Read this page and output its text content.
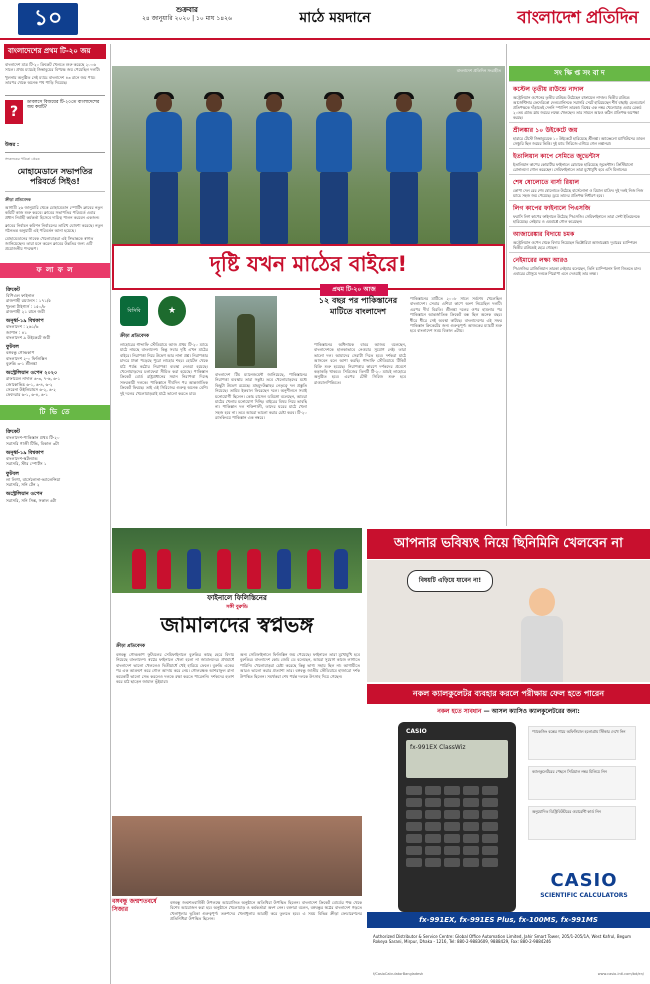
১০	শুক্রবার
২৪ জানুয়ারি ২০২০ | ১০ মাঘ ১৪২৬	মাঠে ময়দানে	বাংলাদেশ প্রতিদিন
বাংলাদেশের প্রথম টি-২০ জয়

বাংলাদেশ মাত্র টি-২০ ক্রিকেট খেলতে শুরু করেছে ২০০৬ সালে। প্রথম ম্যাচেই জিম্বাবুয়ের বিপক্ষে জয় পেয়েছিল দলটি।

খুলনায় অনুষ্ঠিত সেই ম্যাচে বাংলাদেশ ৪৩ রানে জয় পায়। তারপর থেকে অনেক পথ পাড়ি দিয়েছে।

?
ডাবলসে বিজয়ের টি-২০তে বাংলাদেশের জয় কয়টি?
উত্তর :
সংকলকের পত্রিকা প্রেরক
মোহামেডানে সভাপতির পরিবর্তে সিইও!

ক্রীড়া প্রতিবেদক

আগামী ২৬ জানুয়ারি থেকে মোহামেডান স্পোর্টিং ক্লাবের নতুন কমিটি কাজ শুরু করবে। ক্লাবের সভাপতির পরিবর্তে এবার প্রধান নির্বাহী কর্মকর্তা হিসেবে দায়িত্ব পালন করবেন একজন।

ক্লাবের নির্বাচন কমিশন নির্বাচনের তারিখ ঘোষণা করেছে। নতুন গঠনতন্ত্র অনুযায়ী এই পরিবর্তন আনা হয়েছে।

মোহামেডানের সাবেক খেলোয়াড়রা এই সিদ্ধান্তকে স্বাগত জানিয়েছেন। তারা মনে করেন ক্লাবের উন্নতির জন্য এটি প্রয়োজনীয় পদক্ষেপ।

ফ লা ফ ল
ক্রিকেট
বিপিএল ফাইনাল
রাজশাহী রয়্যালস : ১৭১/৫
খুলনা টাইগার্স : ১৫০/৮
রাজশাহী ২১ রানে জয়ী
অনূর্ধ্ব-১৯ বিশ্বকাপ
বাংলাদেশ : ২৬১/৬
জাপান : ৪১
বাংলাদেশ ৯ উইকেটে জয়ী
ফুটবল
বঙ্গবন্ধু গোল্ডকাপ
বাংলাদেশ ২-০ ফিলিস্তিন
বুরুন্ডি ৩-১ শ্রীলঙ্কা
অস্ট্রেলিয়ান ওপেন ২০২০
রাফায়েল নাদাল ৬-৩, ৭-৬, ৬-১
জোকোভিচ ৬-১, ৬-৪, ৬-২
সেরেনা উইলিয়ামস ৬-২, ৬-২
ফেদেরার ৬-১, ৬-৪, ৬-১
টি ভি তে
ক্রিকেট
বাংলাদেশ-পাকিস্তান প্রথম টি-২০
সরাসরি গাজী টিভি, বিকাল ৩টা
অনূর্ধ্ব-১৯ বিশ্বকাপ
বাংলাদেশ-স্কটল্যান্ড
সরাসরি, স্টার স্পোর্টস ১
ফুটবল
লা লিগা, বার্সেলোনা-ভ্যালেন্সিয়া
সরাসরি, সনি টেন ২
অস্ট্রেলিয়ান ওপেন
সরাসরি, সনি সিক্স, সকাল ৬টা
বাংলাদেশ প্রতিদিন সংগ্রহীত
দৃষ্টি যখন মাঠের বাইরে!
বিসিবি	★
প্রথম টি-২০ আজ
১২ বছর পর পাকিস্তানের মাটিতে বাংলাদেশ
ক্রীড়া প্রতিবেদক
লাহোরের গাদ্দাফি স্টেডিয়ামে আজ প্রথম টি-২০ ম্যাচে মাঠে নামছে বাংলাদেশ। কিন্তু সবার দৃষ্টি এখন মাঠের বাইরে। নিরাপত্তা নিয়ে উদ্বেগ আর নানা প্রশ্ন। নিরাপত্তার চাদরে ঢাকা পড়েছে পুরো লাহোর শহর। হোটেল থেকে মাঠ পর্যন্ত কঠোর নিরাপত্তা ব্যবস্থা নেওয়া হয়েছে। খেলোয়াড়দের চলাফেরা সীমিত করা হয়েছে। পাকিস্তান ক্রিকেট বোর্ড রাষ্ট্রপ্রধানের সমান নিরাপত্তা দিচ্ছে সফরকারী দলকে। পাকিস্তানে দীর্ঘদিন পর আন্তর্জাতিক ক্রিকেট ফিরছে। তাই এই সিরিজের গুরুত্ব অনেক বেশি। দুই দলের খেলোয়াড়রাই মাঠে ভালো করতে চায়।
বাংলাদেশ টিম ম্যানেজমেন্ট জানিয়েছে, পাকিস্তানের নিরাপত্তা ব্যবস্থায় তারা সন্তুষ্ট। তবে খেলোয়াড়দের মধ্যে কিছুটা উদ্বেগ রয়েছে। মাহমুদউল্লাহর নেতৃত্বে দল প্রস্তুতি নিয়েছে। তামিম ইকবাল ফিরেছেন দলে। অনুশীলনে সবাই মনোযোগী ছিলেন। কোচ রাসেল ডমিঙ্গো বলেছেন, আমরা মাঠের খেলায় মনোযোগ দিচ্ছি। বাইরের বিষয় নিয়ে ভাবছি না। পাকিস্তান দল শক্তিশালী, তাদের ঘরের মাঠে খেলা সহজ হবে না। তবে আমরা ভালো করার চেষ্টা করব। টি-২০ র‌্যাংকিংয়ে পাকিস্তান এক নম্বরে।
পাকিস্তানের অধিনায়ক বাবর আজম বলেছেন, বাংলাদেশকে হালকাভাবে নেওয়ার সুযোগ নেই। তারা ভালো দল। আমাদের সেরাটা দিতে হবে। দর্শকরা মাঠে আসবেন বলে আশা করছি। গাদ্দাফি স্টেডিয়ামে টিকিট বিক্রি শুরু হয়েছে। নিরাপত্তার কারণে দর্শকদের প্রবেশে কড়াকড়ি থাকবে। সিরিজের তিনটি টি-২০ ম্যাচই লাহোরে অনুষ্ঠিত হবে। এরপর টেস্ট সিরিজ শুরু হবে রাওয়ালপিন্ডিতে।
পাকিস্তানের মাটিতে ২০০৮ সালে সর্বশেষ খেলেছিল বাংলাদেশ। সেবার এশিয়া কাপে অংশ নিয়েছিল দলটি। এরপর দীর্ঘ বিরতি। শ্রীলঙ্কা দলের ওপর হামলার পর পাকিস্তানে আন্তর্জাতিক ক্রিকেট বন্ধ ছিল অনেক বছর। ধীরে ধীরে সেই অবস্থা কাটছে। বাংলাদেশের এই সফর পাকিস্তান ক্রিকেটের জন্য গুরুত্বপূর্ণ। আজকের ম্যাচটি শুরু হবে বাংলাদেশ সময় বিকাল ৩টায়।
সং ক্ষি প্ত সং বা দ
কস্টেল তৃতীয় রাউন্ডে নাদাল
অস্ট্রেলিয়ান ওপেনের তৃতীয় রাউন্ডে উঠেছেন রাফায়েল নাদাল। দ্বিতীয় রাউন্ডে আর্জেন্টিনার ফেদেরিকো দেলবোনিসকে সরাসরি সেটে হারিয়েছেন শীর্ষ বাছাই। মেলবোর্নে প্রতিপক্ষকে দাঁড়াতেই দেননি স্প্যানিশ তারকা। বিশ্বের এক নম্বর খেলোয়াড় এবার রেকর্ড ২০তম গ্র্যান্ড স্লাম জয়ের লক্ষ্যে খেলছেন। তার সামনে আরও কঠিন প্রতিপক্ষ অপেক্ষা করছে।
শ্রীলঙ্কার ১০ উইকেটে জয়
হারারে টেস্টে জিম্বাবুয়েকে ১০ উইকেটে হারিয়েছে শ্রীলঙ্কা। অ্যাঞ্জেলো ম্যাথিউসের ডাবল সেঞ্চুরি ছিল জয়ের ভিত্তি। দুই ম্যাচ সিরিজে এগিয়ে গেল লঙ্কানরা।
ইতালিয়ান কাপে সেমিতে জুভেন্টাস
ইতালিয়ান কাপের কোয়ার্টার ফাইনালে রোমাকে হারিয়েছে জুভেন্টাস। ক্রিস্টিয়ানো রোনালদো গোল করেছেন। সেমিফাইনালে তারা মুখোমুখি হবে এসি মিলানের।
শেষ ষোলোতে বার্সা রিয়াল
কোপা দেল রের শেষ ষোলোতে উঠেছে বার্সেলোনা ও রিয়াল মাদ্রিদ। দুই দলই নিজ নিজ ম্যাচে সহজ জয় পেয়েছে। ড্রয়ে তাদের প্রতিপক্ষ নির্ধারণ হবে।
লিগ কাপের ফাইনালে পিএসজি
ফরাসি লিগ কাপের ফাইনালে উঠেছে পিএসজি। সেমিফাইনালে তারা সেন্ট ইতিয়েনকে হারিয়েছে। নেইমার ও এমবাপ্পে গোল করেছেন।
আজারেঙ্কার বিদায়ে চমক
অস্ট্রেলিয়ান ওপেন থেকে বিদায় নিয়েছেন ভিক্টোরিয়া আজারেঙ্কা। দুবারের চ্যাম্পিয়ন দ্বিতীয় রাউন্ডেই হেরে গেছেন।
নেইমারের লক্ষ্য আরও
পিএসজির ব্রাজিলিয়ান তারকা নেইমার বলেছেন, তিনি চ্যাম্পিয়নস লিগ জিততে চান। এবারের মৌসুমে দলকে শিরোপা এনে দেওয়াই তার লক্ষ্য।
ফাইনালে ফিলিস্তিনের
সঙ্গী বুরুন্ডি
জামালদের স্বপ্নভঙ্গ
ক্রীড়া প্রতিবেদক
বঙ্গবন্ধু গোল্ডকাপ ফুটবলের সেমিফাইনালে বুরুন্ডির কাছে হেরে বিদায় নিয়েছে বাংলাদেশ। স্বপ্নের ফাইনালে খেলা হলো না জামালদের। প্রথমার্ধে বাংলাদেশ ভালো খেললেও দ্বিতীয়ার্ধে খেই হারিয়ে ফেলে। বুরুন্ডি একের পর এক আক্রমণ করে গোল আদায় করে নেয়। গোলরক্ষক আশরাফুল রানা কয়েকটি ভালো সেভ করলেও দলকে রক্ষা করতে পারেননি। দর্শকদের হতাশ করে মাঠ ছাড়েন জামাল ভূঁইয়ারা।
অন্য সেমিফাইনালে ফিলিস্তিন জয় পেয়েছে। ফাইনালে তারা মুখোমুখি হবে বুরুন্ডির। বাংলাদেশ কোচ জেমি ডে বলেছেন, আমরা সুযোগ কাজে লাগাতে পারিনি। খেলোয়াড়রা চেষ্টা করেছে কিন্তু ভাগ্য সহায় ছিল না। আগামীতে আরও ভালো করার প্রত্যাশা তার। বঙ্গবন্ধু জাতীয় স্টেডিয়ামে হাজারো দর্শক উপস্থিত ছিলেন। সমর্থকরা শেষ পর্যন্ত দলকে উৎসাহ দিয়ে গেছেন।
বঙ্গবন্ধু জন্মশতবর্ষে সিজার
বঙ্গবন্ধু জন্মশতবার্ষিকী উপলক্ষে আয়োজিত অনুষ্ঠানে অতিথিরা উপস্থিত ছিলেন। বাংলাদেশ ক্রিকেট বোর্ডের পক্ষ থেকে বিশেষ আয়োজন করা হয়। অনুষ্ঠানে খেলোয়াড় ও কর্মকর্তারা অংশ নেন। বক্তারা বলেন, বঙ্গবন্ধুর স্বপ্নের বাংলাদেশ গড়তে খেলাধুলার ভূমিকা গুরুত্বপূর্ণ। তরুণদের খেলাধুলায় আগ্রহী করে তুলতে হবে। এ সময় বিভিন্ন ক্রীড়া ফেডারেশনের প্রতিনিধিরা উপস্থিত ছিলেন।
আপনার ভবিষ্যৎ নিয়ে ছিনিমিনি খেলবেন না
বিষয়টি এড়িয়ে যাবেন না!
নকল ক্যালকুলেটর ব্যবহার করলে পরীক্ষায় ফেল হতে পারেন
নকল হতে সাবধান — আসল ক্যাসিও ক্যালকুলেটরের জন্য:
CASIO
fx-991EX ClassWiz
প্যাকেজিং বক্সের গায়ে অফিসিয়াল হলোগ্রাম স্টিকার দেখে নিন
ক্যালকুলেটরের পেছনে সিরিয়াল নম্বর মিলিয়ে নিন
অনুমোদিত ডিস্ট্রিবিউটরের ওয়ারেন্টি কার্ড নিন
CASIO
SCIENTIFIC CALCULATORS
fx-991EX, fx-991ES Plus, fx-100MS, fx-991MS
Authorized Distributor & Service Centre: Global Office Automation Limited, Jahir Smart Tower, 205/1-205/1A, West Kafrul, Begum Rokeya Sarani, Mirpur, Dhaka - 1216, Tel: 880-2-9883609, 9888429, Fax: 880-2-9884246
f/CasioCalculatorBangladesh	www.casio-intl.com/bd/en/
